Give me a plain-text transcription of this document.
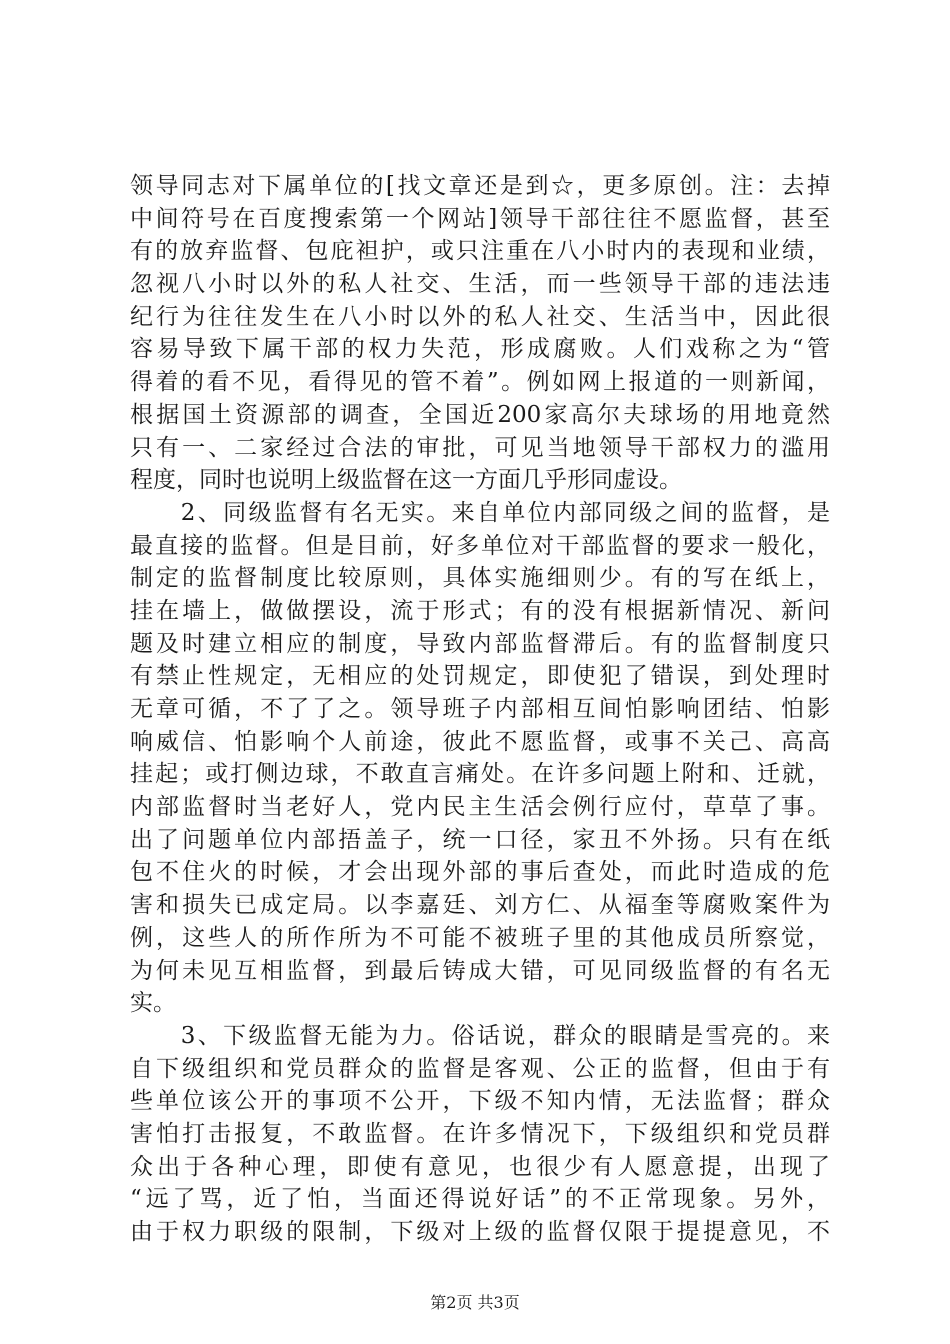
领导同志对下属单位的[找文章还是到☆，更多原创。注：去掉
中间符号在百度搜索第一个网站]领导干部往往不愿监督，甚至
有的放弃监督、包庇袒护，或只注重在八小时内的表现和业绩，
忽视八小时以外的私人社交、生活，而一些领导干部的违法违
纪行为往往发生在八小时以外的私人社交、生活当中，因此很
容易导致下属干部的权力失范，形成腐败。人们戏称之为“管
得着的看不见，看得见的管不着”。例如网上报道的一则新闻，
根据国土资源部的调查，全国近200家高尔夫球场的用地竟然
只有一、二家经过合法的审批，可见当地领导干部权力的滥用
程度，同时也说明上级监督在这一方面几乎形同虚设。
　　2、同级监督有名无实。来自单位内部同级之间的监督，是
最直接的监督。但是目前，好多单位对干部监督的要求一般化，
制定的监督制度比较原则，具体实施细则少。有的写在纸上，
挂在墙上，做做摆设，流于形式；有的没有根据新情况、新问
题及时建立相应的制度，导致内部监督滞后。有的监督制度只
有禁止性规定，无相应的处罚规定，即使犯了错误，到处理时
无章可循，不了了之。领导班子内部相互间怕影响团结、怕影
响威信、怕影响个人前途，彼此不愿监督，或事不关己、高高
挂起；或打侧边球，不敢直言痛处。在许多问题上附和、迁就，
内部监督时当老好人，党内民主生活会例行应付，草草了事。
出了问题单位内部捂盖子，统一口径，家丑不外扬。只有在纸
包不住火的时候，才会出现外部的事后查处，而此时造成的危
害和损失已成定局。以李嘉廷、刘方仁、从福奎等腐败案件为
例，这些人的所作所为不可能不被班子里的其他成员所察觉，
为何未见互相监督，到最后铸成大错，可见同级监督的有名无
实。
　　3、下级监督无能为力。俗话说，群众的眼睛是雪亮的。来
自下级组织和党员群众的监督是客观、公正的监督，但由于有
些单位该公开的事项不公开，下级不知内情，无法监督；群众
害怕打击报复，不敢监督。在许多情况下，下级组织和党员群
众出于各种心理，即使有意见，也很少有人愿意提，出现了
“远了骂，近了怕，当面还得说好话”的不正常现象。另外，
由于权力职级的限制，下级对上级的监督仅限于提提意见，不
第2页 共3页
